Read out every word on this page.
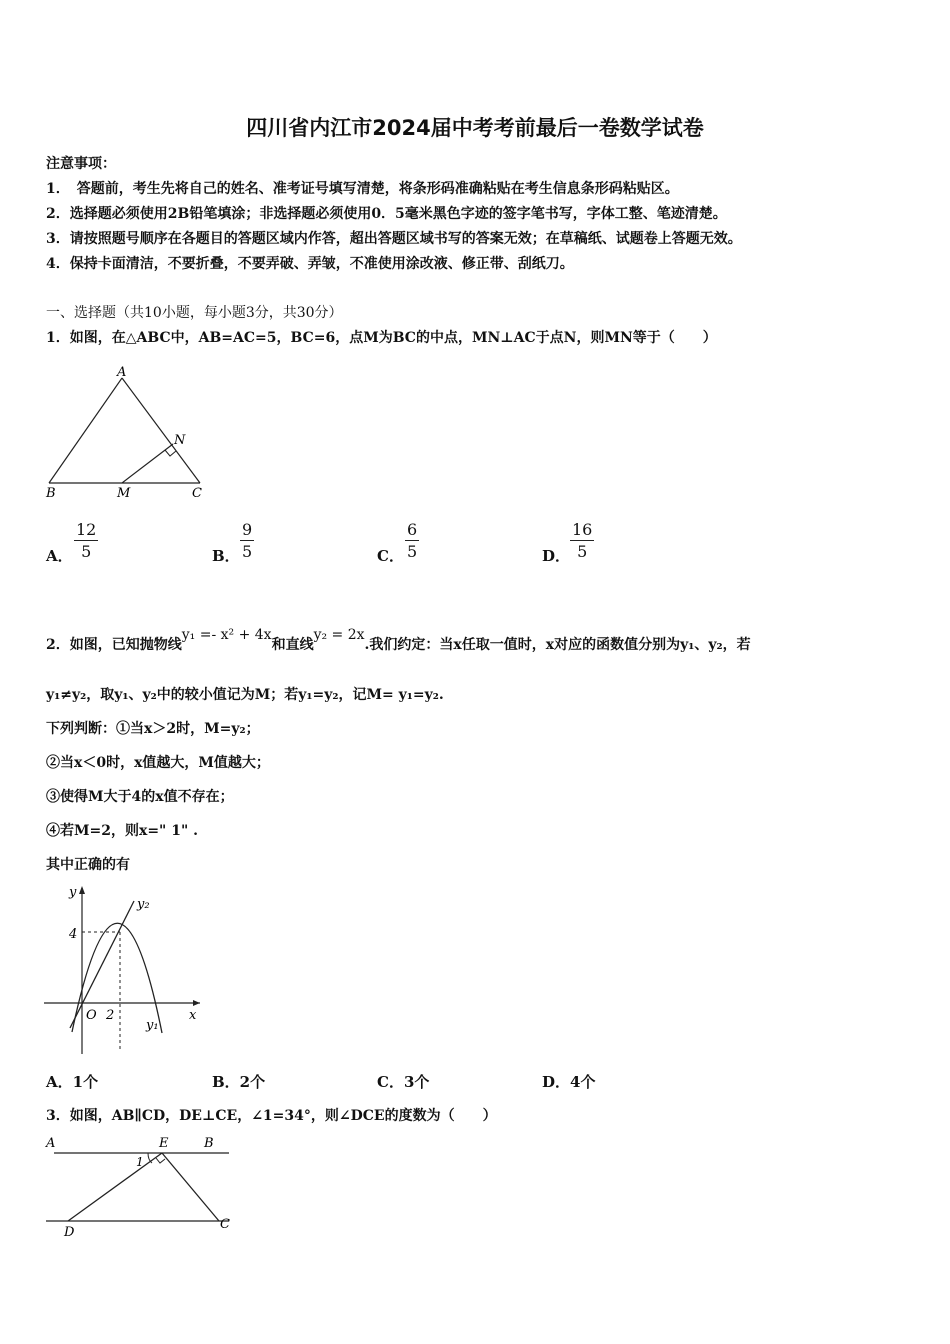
四川省内江市2024届中考考前最后一卷数学试卷
注意事项：
1．　答题前，考生先将自己的姓名、准考证号填写清楚，将条形码准确粘贴在考生信息条形码粘贴区。
2．选择题必须使用2B铅笔填涂；非选择题必须使用0．5毫米黑色字迹的签字笔书写，字体工整、笔迹清楚。
3．请按照题号顺序在各题目的答题区域内作答，超出答题区域书写的答案无效；在草稿纸、试题卷上答题无效。
4．保持卡面清洁，不要折叠，不要弄破、弄皱，不准使用涂改液、修正带、刮纸刀。
一、选择题（共10小题，每小题3分，共30分）
1．如图，在△ABC中，AB=AC=5，BC=6，点M为BC的中点，MN⊥AC于点N，则MN等于（　　）
A
B	C
M
N
A． $\frac{12}{5}$	B． $\frac{9}{5}$	C． $\frac{6}{5}$	D． $\frac{16}{5}$
2．如图，已知抛物线y₁ =- x² + 4x和直线y₂ = 2x.我们约定：当x任取一值时，x对应的函数值分别为y₁、y₂，若
y₁≠y₂，取y₁、y₂中的较小值记为M；若y₁=y₂，记M= y₁=y₂.
下列判断：①当x＞2时，M=y₂；
②当x＜0时，x值越大，M值越大；
③使得M大于4的x值不存在；
④若M=2，则x=" 1" .
其中正确的有
y
x
O 2
4
y₁
y₂
A．1个	B．2个	C．3个	D．4个
3．如图，AB∥CD，DE⊥CE，∠1=34°，则∠DCE的度数为（　　）
A	B
E
D
C
1
